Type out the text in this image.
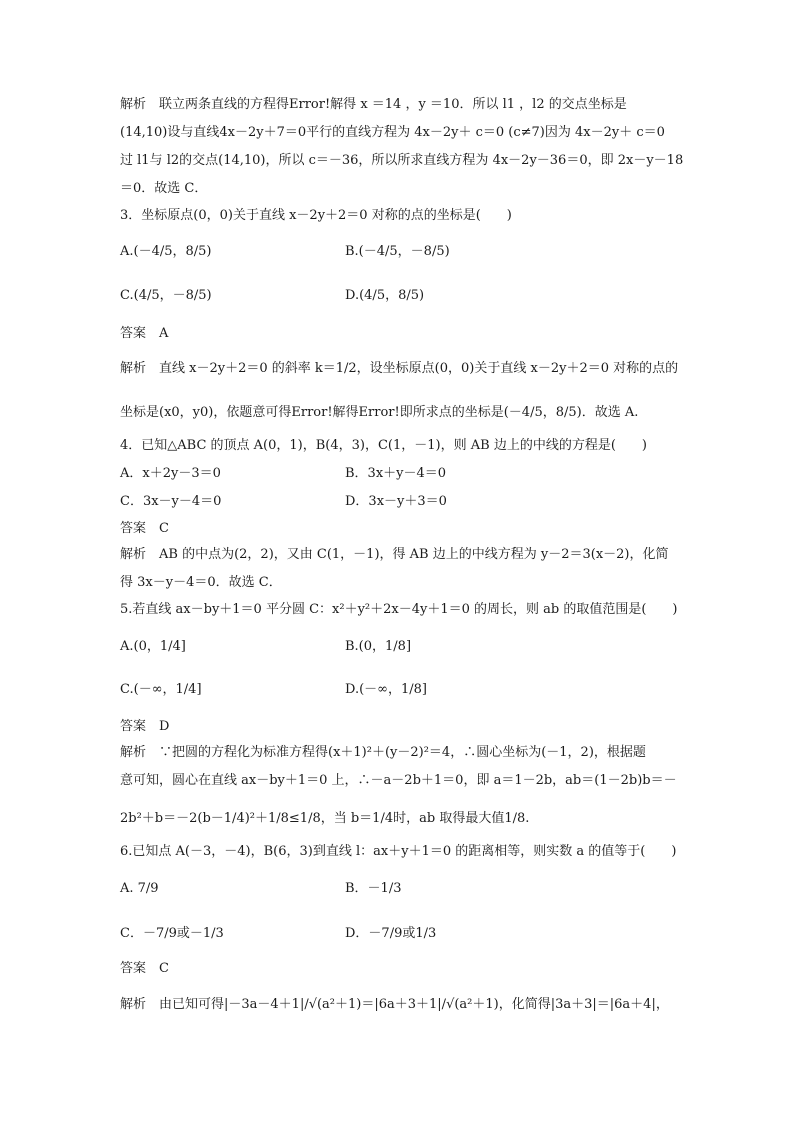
解析　联立两条直线的方程得Error!解得 x ＝14 ，y ＝10．所以 l1 ，l2 的交点坐标是
(14,10)设与直线4x－2y＋7＝0平行的直线方程为 4x－2y＋ c＝0 (c≠7)因为 4x－2y＋ c＝0
过 l1与 l2的交点(14,10)，所以 c＝－36，所以所求直线方程为 4x－2y－36＝0，即 2x－y－18
＝0．故选 C．
3．坐标原点(0，0)关于直线 x－2y＋2＝0 对称的点的坐标是(　　)
A.(－4/5，8/5)	B.(－4/5，－8/5)
C.(4/5，－8/5)	D.(4/5，8/5)
答案　A
解析　直线 x－2y＋2＝0 的斜率 k＝1/2，设坐标原点(0，0)关于直线 x－2y＋2＝0 对称的点的
坐标是(x0，y0)，依题意可得Error!解得Error!即所求点的坐标是(－4/5，8/5)．故选 A.
4．已知△ABC 的顶点 A(0，1)，B(4，3)，C(1，－1)，则 AB 边上的中线的方程是(　　)
A．x＋2y－3＝0	B．3x＋y－4＝0
C．3x－y－4＝0	D．3x－y＋3＝0
答案　C
解析　AB 的中点为(2，2)，又由 C(1，－1)，得 AB 边上的中线方程为 y－2＝3(x－2)，化简
得 3x－y－4＝0．故选 C．
5.若直线 ax－by＋1＝0 平分圆 C：x²＋y²＋2x－4y＋1＝0 的周长，则 ab 的取值范围是(　　)
A.(0，1/4]	B.(0，1/8]
C.(－∞，1/4]	D.(－∞，1/8]
答案　D
解析　∵把圆的方程化为标准方程得(x＋1)²＋(y－2)²＝4，∴圆心坐标为(－1，2)，根据题
意可知，圆心在直线 ax－by＋1＝0 上，∴－a－2b＋1＝0，即 a＝1－2b，ab＝(1－2b)b＝－
2b²＋b＝－2(b－1/4)²＋1/8≤1/8，当 b＝1/4时，ab 取得最大值1/8.
6.已知点 A(－3，－4)，B(6，3)到直线 l：ax＋y＋1＝0 的距离相等，则实数 a 的值等于(　　)
A. 7/9	B．－1/3
C．－7/9或－1/3	D．－7/9或1/3
答案　C
解析　由已知可得|－3a－4＋1|/√(a²＋1)＝|6a＋3＋1|/√(a²＋1)，化简得|3a＋3|＝|6a＋4|，
